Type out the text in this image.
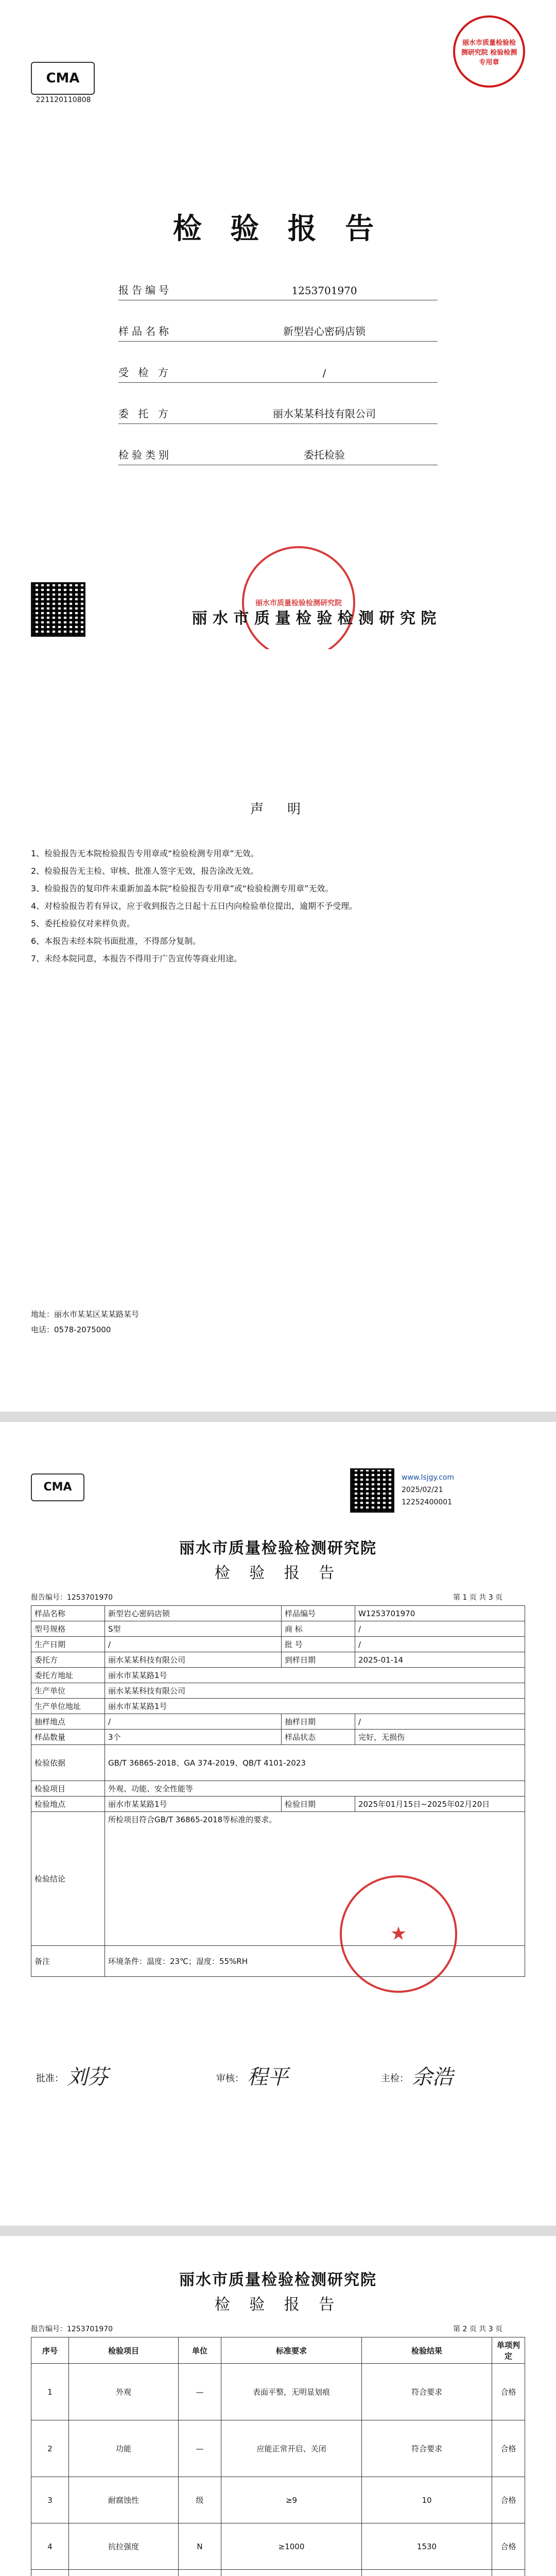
CMA
221120110808
丽水市质量检验检测研究院 检验检测专用章
检 验 报 告
报告编号	1253701970
样品名称	新型岩心密码店锁
受 检 方	/
委 托 方	丽水某某科技有限公司
检验类别	委托检验
丽水市质量检验检测研究院
丽 水 市 质 量 检 验 检 测 研 究 院
声　明
1、检验报告无本院检验报告专用章或“检验检测专用章”无效。
2、检验报告无主检、审核、批准人签字无效，报告涂改无效。
3、检验报告的复印件未重新加盖本院“检验报告专用章”或“检验检测专用章”无效。
4、对检验报告若有异议，应于收到报告之日起十五日内向检验单位提出，逾期不予受理。
5、委托检验仅对来样负责。
6、本报告未经本院书面批准，不得部分复制。
7、未经本院同意，本报告不得用于广告宣传等商业用途。
地址：丽水市某某区某某路某号
电话：0578-2075000
CMA
www.lsjgy.com
2025/02/21
12252400001
丽水市质量检验检测研究院
检 验 报 告
报告编号：1253701970	第 1 页 共 3 页
样品名称	新型岩心密码店锁	样品编号	W1253701970
型号规格	S型	商 标	/
生产日期	/	批 号	/
委托方	丽水某某科技有限公司	到样日期	2025-01-14
委托方地址	丽水市某某路1号		
生产单位	丽水某某科技有限公司		
生产单位地址	丽水市某某路1号		
抽样地点	/	抽样日期	/
样品数量	3个	样品状态	完好，无损伤
检验依据	GB/T 36865-2018、GA 374-2019、QB/T 4101-2023		
检验项目	外观、功能、安全性能等		
检验地点	丽水市某某路1号	检验日期	2025年01月15日~2025年02月20日
检验结论	所检项目符合GB/T 36865-2018等标准的要求。		
备注	环境条件：温度：23℃；湿度：55%RH		
★
批准： 刘芬	审核： 程平	主检： 余浩
丽水市质量检验检测研究院
检 验 报 告
报告编号：1253701970	第 2 页 共 3 页
序号	检验项目	单位	标准要求	检验结果	单项判定
1	外观	—	表面平整，无明显划痕	符合要求	合格
2	功能	—	应能正常开启、关闭	符合要求	合格
3	耐腐蚀性	级	≥9	10	合格
4	抗拉强度	N	≥1000	1530	合格
